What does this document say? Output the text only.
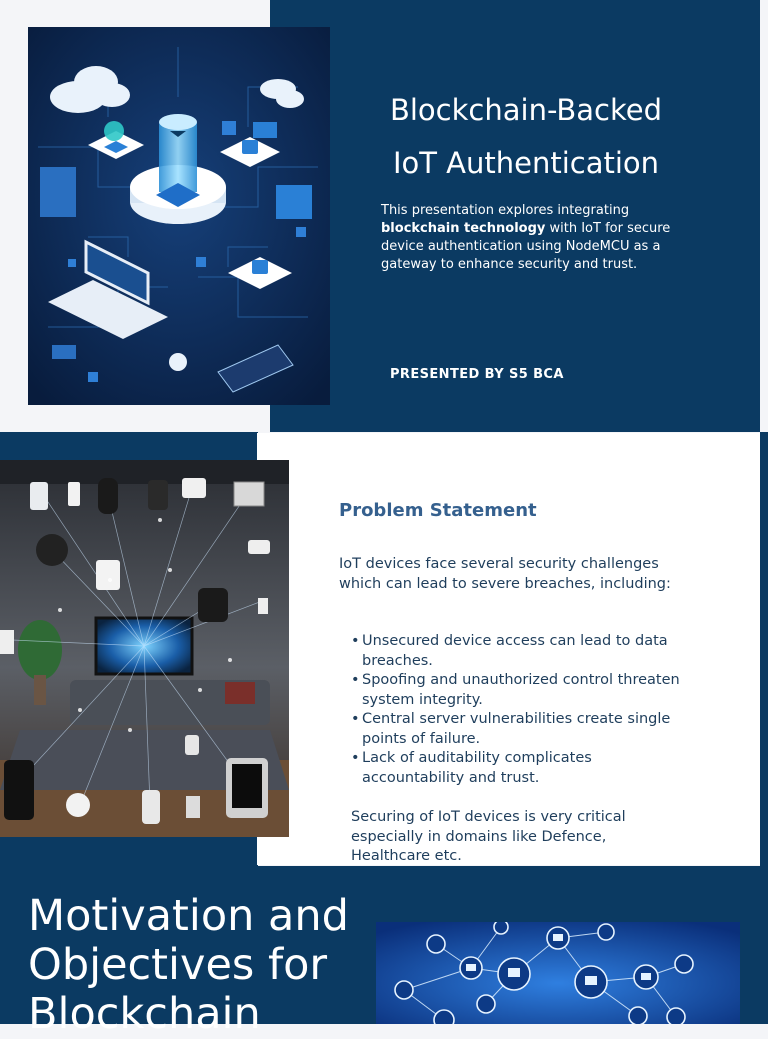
Blockchain-Backed
IoT Authentication
This presentation explores integrating blockchain technology with IoT for secure device authentication using NodeMCU as a gateway to enhance security and trust.
PRESENTED BY S5 BCA
Problem Statement
IoT devices face several security challenges which can lead to severe breaches, including:
• Unsecured device access can lead to data breaches.
• Spoofing and unauthorized control threaten system integrity.
• Central server vulnerabilities create single points of failure.
• Lack of auditability complicates accountability and trust.
Securing of IoT devices is very critical especially in domains like Defence, Healthcare etc.
Motivation and Objectives for Blockchain
